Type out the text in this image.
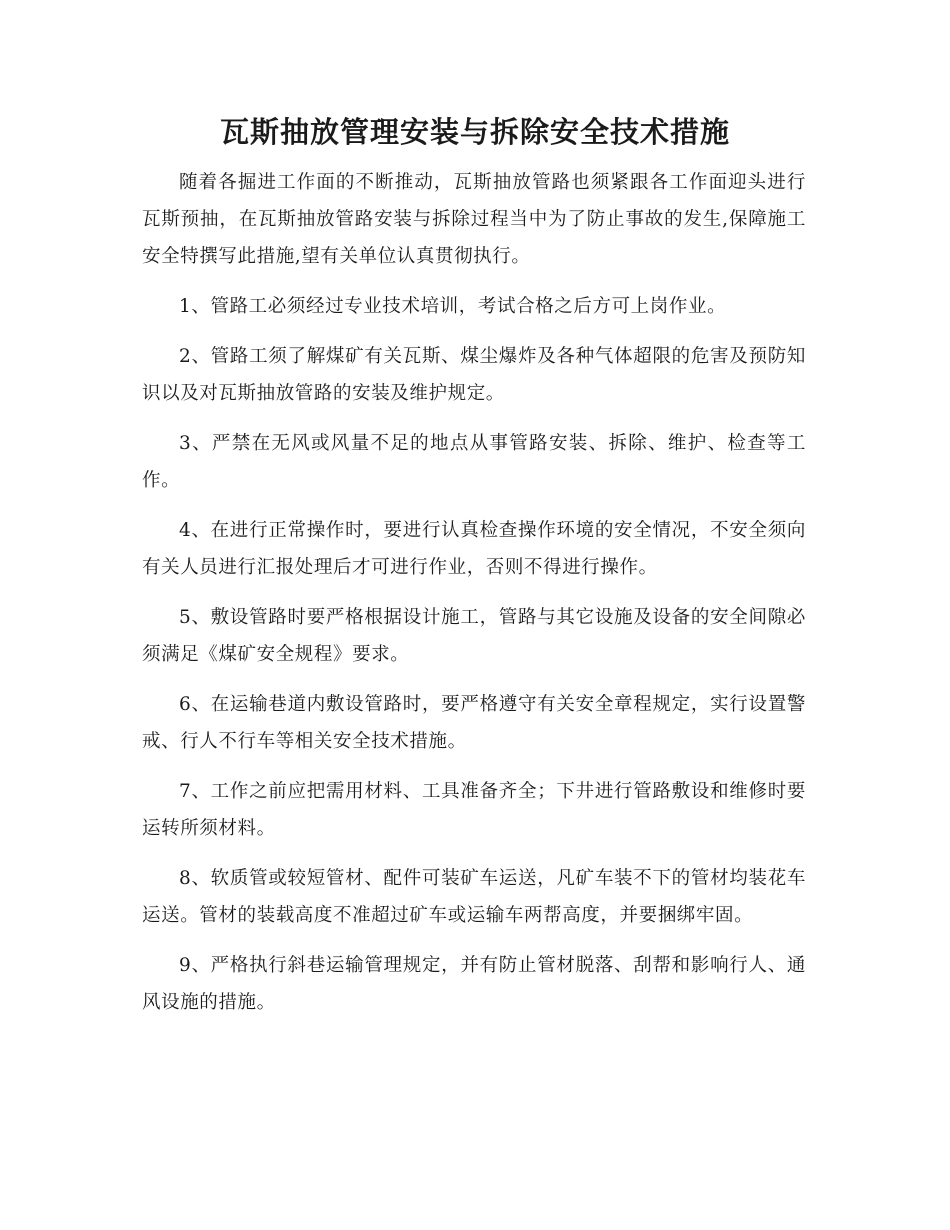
瓦斯抽放管理安装与拆除安全技术措施

随着各掘进工作面的不断推动，瓦斯抽放管路也须紧跟各工作面迎头进行瓦斯预抽，在瓦斯抽放管路安装与拆除过程当中为了防止事故的发生,保障施工安全特撰写此措施,望有关单位认真贯彻执行。

1、管路工必须经过专业技术培训，考试合格之后方可上岗作业。

2、管路工须了解煤矿有关瓦斯、煤尘爆炸及各种气体超限的危害及预防知识以及对瓦斯抽放管路的安装及维护规定。

3、严禁在无风或风量不足的地点从事管路安装、拆除、维护、检查等工作。

4、在进行正常操作时，要进行认真检查操作环境的安全情况，不安全须向有关人员进行汇报处理后才可进行作业，否则不得进行操作。

5、敷设管路时要严格根据设计施工，管路与其它设施及设备的安全间隙必须满足《煤矿安全规程》要求。

6、在运输巷道内敷设管路时，要严格遵守有关安全章程规定，实行设置警戒、行人不行车等相关安全技术措施。

7、工作之前应把需用材料、工具准备齐全；下井进行管路敷设和维修时要运转所须材料。

8、软质管或较短管材、配件可装矿车运送，凡矿车装不下的管材均装花车运送。管材的装载高度不准超过矿车或运输车两帮高度，并要捆绑牢固。

9、严格执行斜巷运输管理规定，并有防止管材脱落、刮帮和影响行人、通风设施的措施。
